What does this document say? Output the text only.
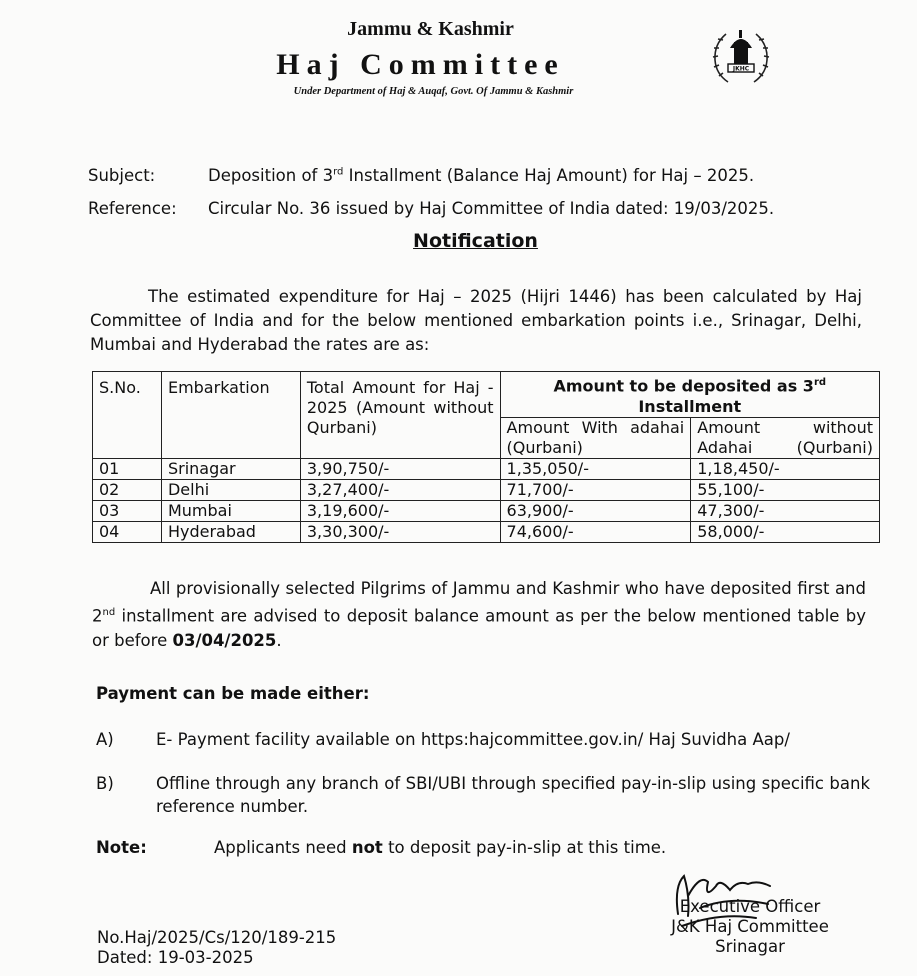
Jammu & Kashmir
Haj Committee
Under Department of Haj & Auqaf, Govt. Of Jammu & Kashmir
JKHC
Subject:	Deposition of 3rd Installment (Balance Haj Amount) for Haj – 2025.
Reference: Circular No. 36 issued by Haj Committee of India dated: 19/03/2025.
Notification
The estimated expenditure for Haj – 2025 (Hijri 1446) has been calculated by Haj Committee of India and for the below mentioned embarkation points i.e., Srinagar, Delhi, Mumbai and Hyderabad the rates are as:
S.No.	Embarkation	Total Amount for Haj - 2025 (Amount without Qurbani)	Amount to be deposited as 3rd Installment	
			Amount With adahai (Qurbani)	Amount without Adahai (Qurbani)
01	Srinagar	3,90,750/-	1,35,050/-	1,18,450/-
02	Delhi	3,27,400/-	71,700/-	55,100/-
03	Mumbai	3,19,600/-	63,900/-	47,300/-
04	Hyderabad	3,30,300/-	74,600/-	58,000/-
All provisionally selected Pilgrims of Jammu and Kashmir who have deposited first and 2nd installment are advised to deposit balance amount as per the below mentioned table by or before 03/04/2025.
Payment can be made either:
A)	E- Payment facility available on https:hajcommittee.gov.in/ Haj Suvidha Aap/
B)	Offline through any branch of SBI/UBI through specified pay-in-slip using specific bank reference number.
Note:	Applicants need not to deposit pay-in-slip at this time.
Executive Officer
J&K Haj Committee
Srinagar
No.Haj/2025/Cs/120/189-215
Dated: 19-03-2025
